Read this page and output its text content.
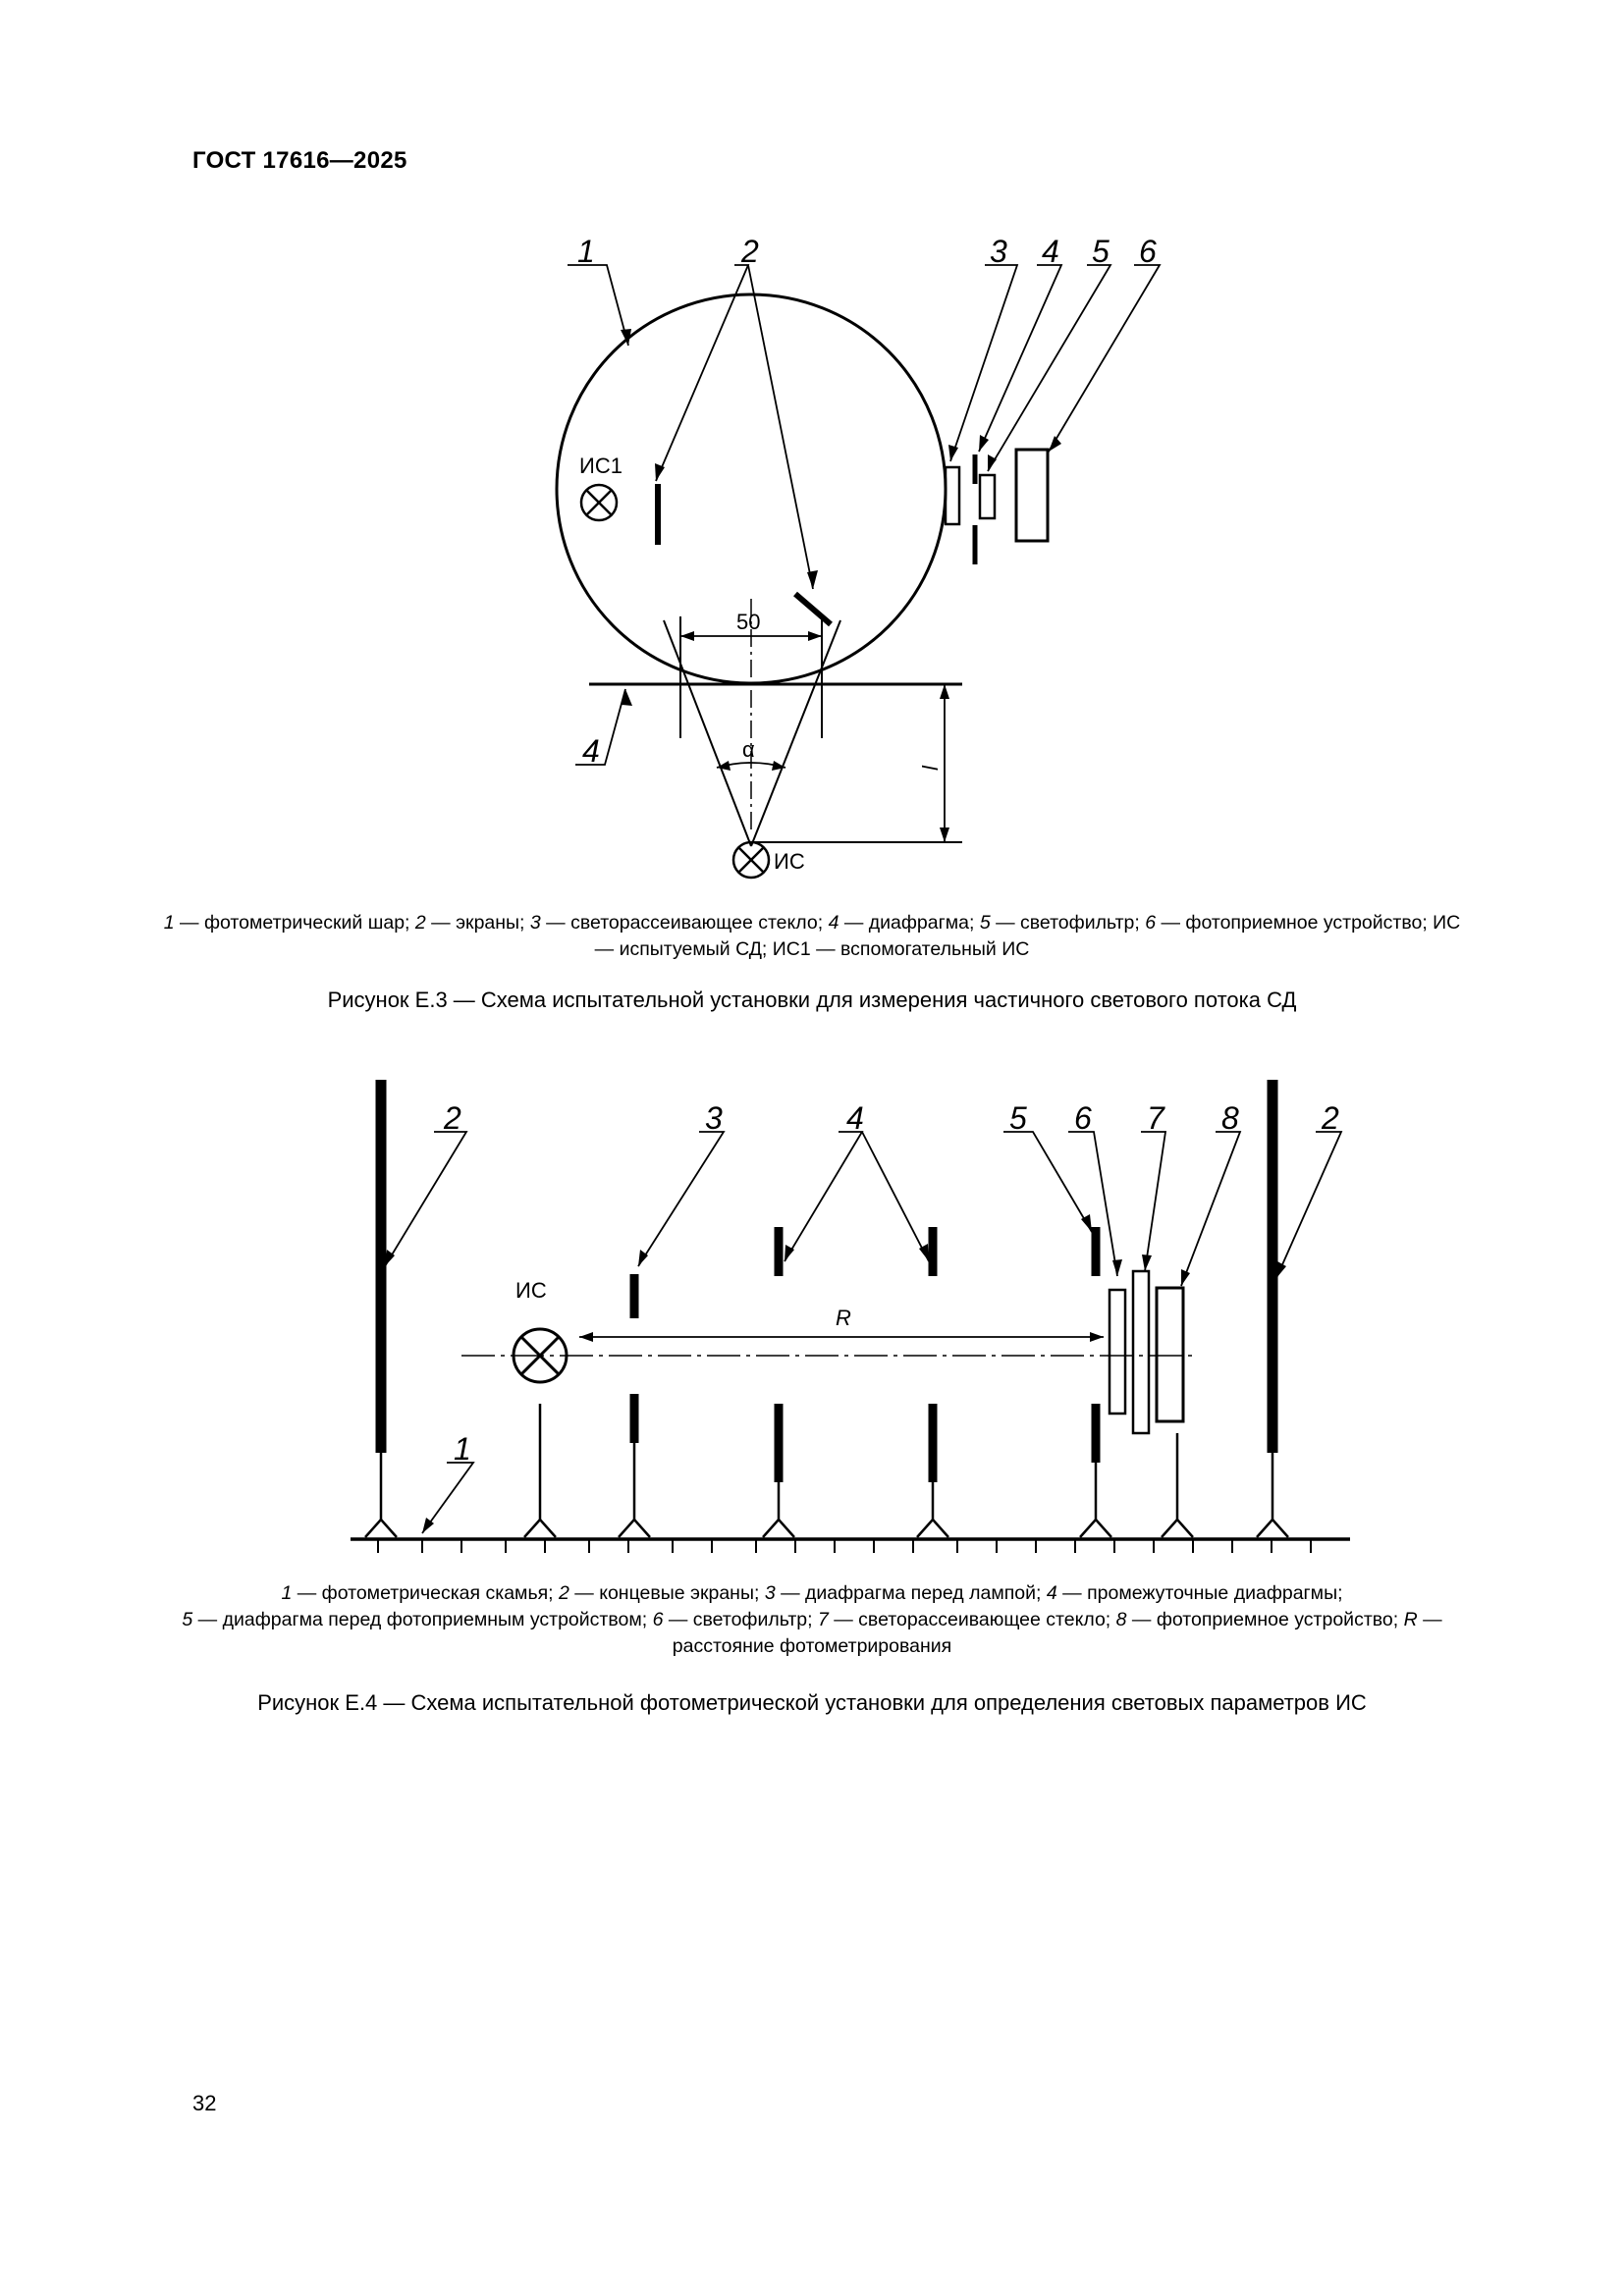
ГОСТ 17616—2025
1	2	3 4 5 6
4
ИС1
ИС
50
α
l
1 — фотометрический шар; 2 — экраны; 3 — светорассеивающее стекло; 4 — диафрагма; 5 — светофильтр; 6 — фотоприемное устройство; ИС — испытуемый СД; ИС1 — вспомогательный ИС
Рисунок Е.3 — Схема испытательной установки для измерения частичного светового потока СД
2	3	4	5 6 7 8	2
1
ИС
R
1 — фотометрическая скамья; 2 — концевые экраны; 3 — диафрагма перед лампой; 4 — промежуточные диафрагмы;
5 — диафрагма перед фотоприемным устройством; 6 — светофильтр; 7 — светорассеивающее стекло; 8 — фотоприемное устройство; R — расстояние фотометрирования
Рисунок Е.4 — Схема испытательной фотометрической установки для определения световых параметров ИС
32
